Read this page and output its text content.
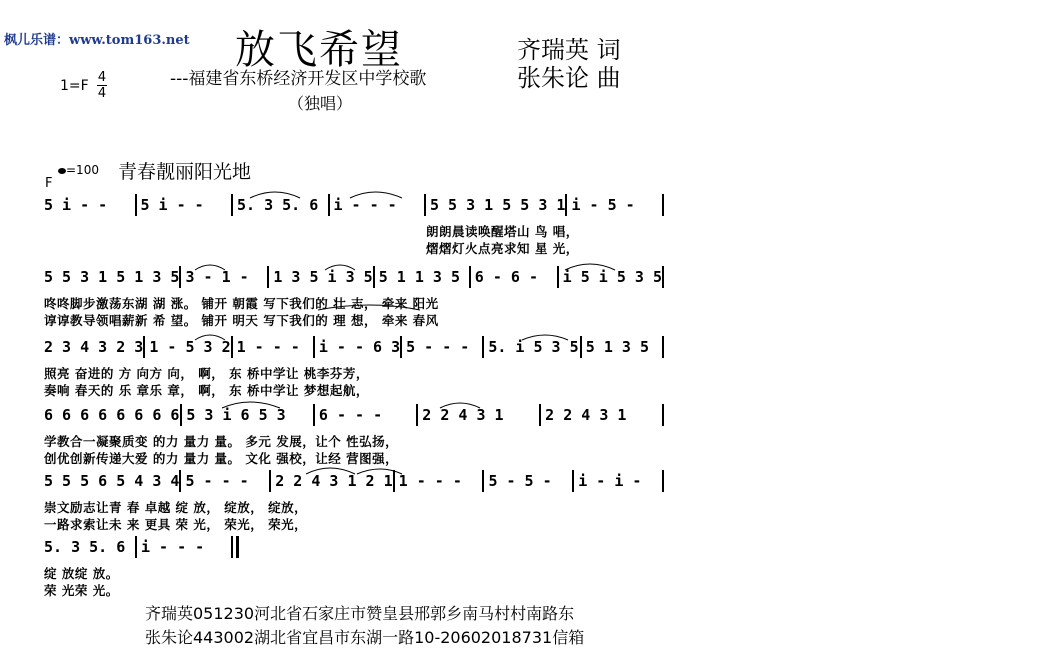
枫儿乐谱：www.tom163.net 放飞希望
---福建省东桥经济开发区中学校歌
（独唱）
齐瑞英 词
张朱论 曲
1=F
4
4
=100 青春靓丽阳光地
F
5 i - -	5 i - -	5. 3 5. 6	i - - -	5 5 3 1 5 5 3 1 i - 5 -
朗朗晨读唤醒塔山 鸟 唱，
熠熠灯火点亮求知 星 光，
5 5 3 1 5 1 3 5 3 - 1 -	1 3 5 i 3 5 5 1 1 3 5 6 - 6 -	i 5 i 5 3 5
咚咚脚步激荡东湖 湖 涨。 铺开 朝霞 写下我们的 壮 志， 牵来 阳光
谆谆教导领唱薪新 希 望。 铺开 明天 写下我们的 理 想， 牵来 春风
2 3 4 3 2 3 1 - 5 3 2 1 - - -	i - - 6 3 5 - - -	5. i 5 3 5 5 1 3 5
照亮 奋进的 方 向方 向， 啊， 东 桥中学让 桃李芬芳，
奏响 春天的 乐 章乐 章， 啊， 东 桥中学让 梦想起航，
6 6 6 6 6 6 6 6 5 3 i 6 5 3	6 - - -	2 2 4 3 1	2 2 4 3 1
学教合一凝聚质变 的力 量力 量。 多元 发展，让个 性弘扬，
创优创新传递大爱 的力 量力 量。 文化 强校，让经 营图强，
5 5 5 6 5 4 3 4 5 - - -	2 2 4 3 1 2 1 1 - - -	5 - 5 -	i - i -
崇文励志让青 春 卓越 绽 放， 绽放， 绽放，
一路求索让未 来 更具 荣 光， 荣光， 荣光，
5. 3 5. 6	i - - -
绽 放绽 放。
荣 光荣 光。
齐瑞英051230河北省石家庄市赞皇县邢郭乡南马村村南路东
张朱论443002湖北省宜昌市东湖一路10-20602018731信箱
